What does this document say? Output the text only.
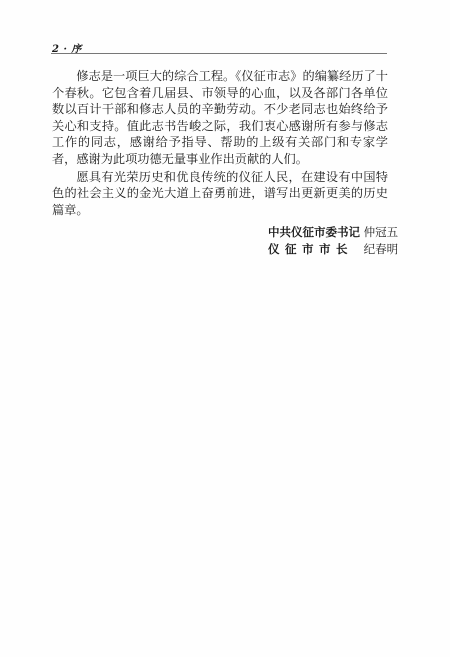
2 · 序

修志是一项巨大的综合工程。《仪征市志》的编纂经历了十个春秋。它包含着几届县、市领导的心血，以及各部门各单位数以百计干部和修志人员的辛勤劳动。不少老同志也始终给予关心和支持。值此志书告峻之际，我们衷心感谢所有参与修志工作的同志，感谢给予指导、帮助的上级有关部门和专家学者，感谢为此项功德无量事业作出贡献的人们。

愿具有光荣历史和优良传统的仪征人民，在建设有中国特色的社会主义的金光大道上奋勇前进，谱写出更新更美的历史篇章。

中共仪征市委书记 仲冠五
仪征市市长 纪春明
